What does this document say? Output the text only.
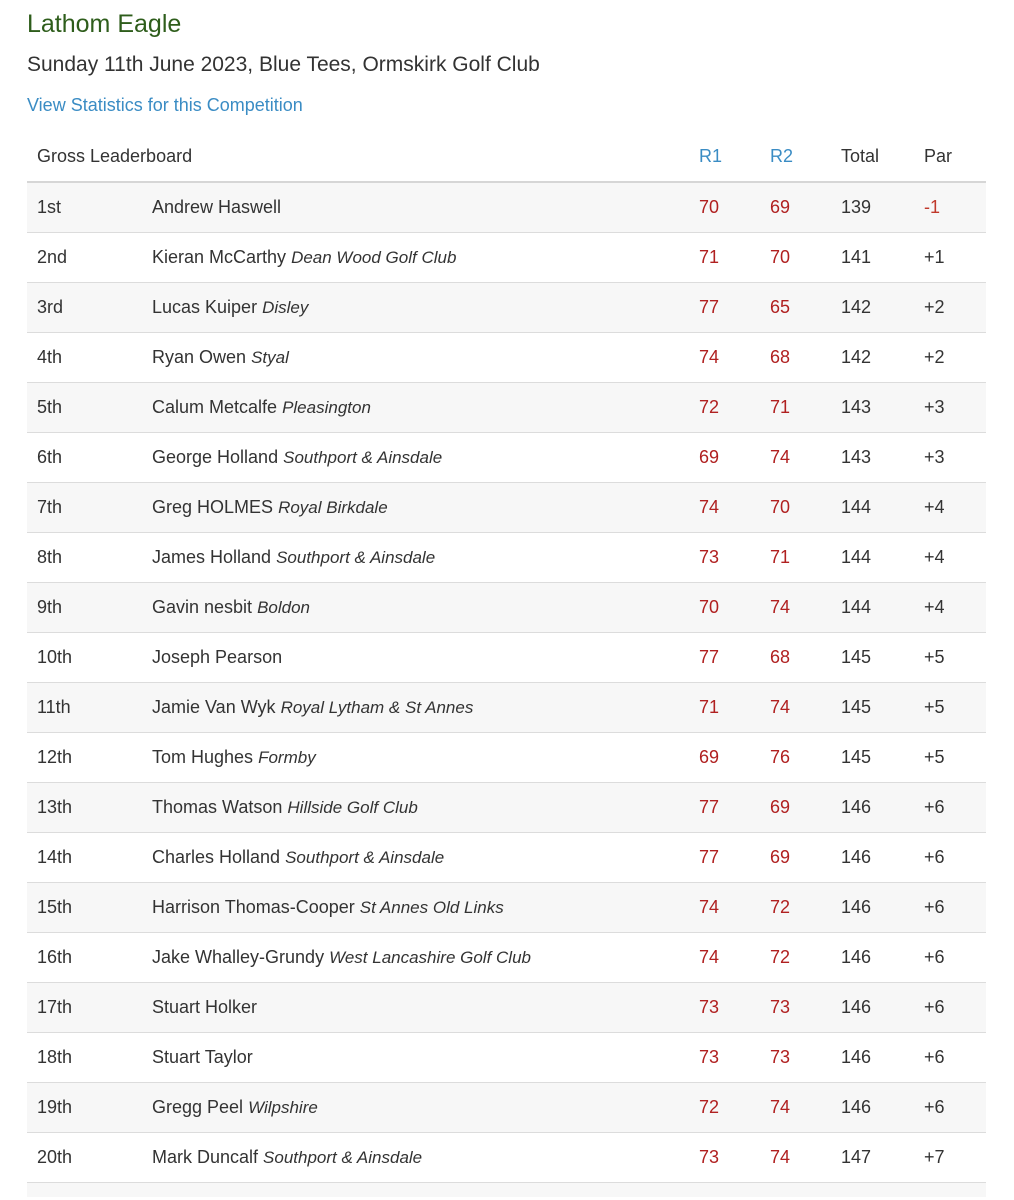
Lathom Eagle
Sunday 11th June 2023, Blue Tees, Ormskirk Golf Club
View Statistics for this Competition
Gross Leaderboard	R1	R2	Total Par
1st	Andrew Haswell	70	69	139	-1
2nd	Kieran McCarthy Dean Wood Golf Club	71	70	141	+1
3rd	Lucas Kuiper Disley	77	65	142	+2
4th	Ryan Owen Styal	74	68	142	+2
5th	Calum Metcalfe Pleasington	72	71	143	+3
6th	George Holland Southport & Ainsdale	69	74	143	+3
7th	Greg HOLMES Royal Birkdale	74	70	144	+4
8th	James Holland Southport & Ainsdale	73	71	144	+4
9th	Gavin nesbit Boldon	70	74	144	+4
10th	Joseph Pearson	77	68	145	+5
11th	Jamie Van Wyk Royal Lytham & St Annes	71	74	145	+5
12th	Tom Hughes Formby	69	76	145	+5
13th	Thomas Watson Hillside Golf Club	77	69	146	+6
14th	Charles Holland Southport & Ainsdale	77	69	146	+6
15th	Harrison Thomas-Cooper St Annes Old Links	74	72	146	+6
16th	Jake Whalley-Grundy West Lancashire Golf Club	74	72	146	+6
17th	Stuart Holker	73	73	146	+6
18th	Stuart Taylor	73	73	146	+6
19th	Gregg Peel Wilpshire	72	74	146	+6
20th	Mark Duncalf Southport & Ainsdale	73	74	147	+7
